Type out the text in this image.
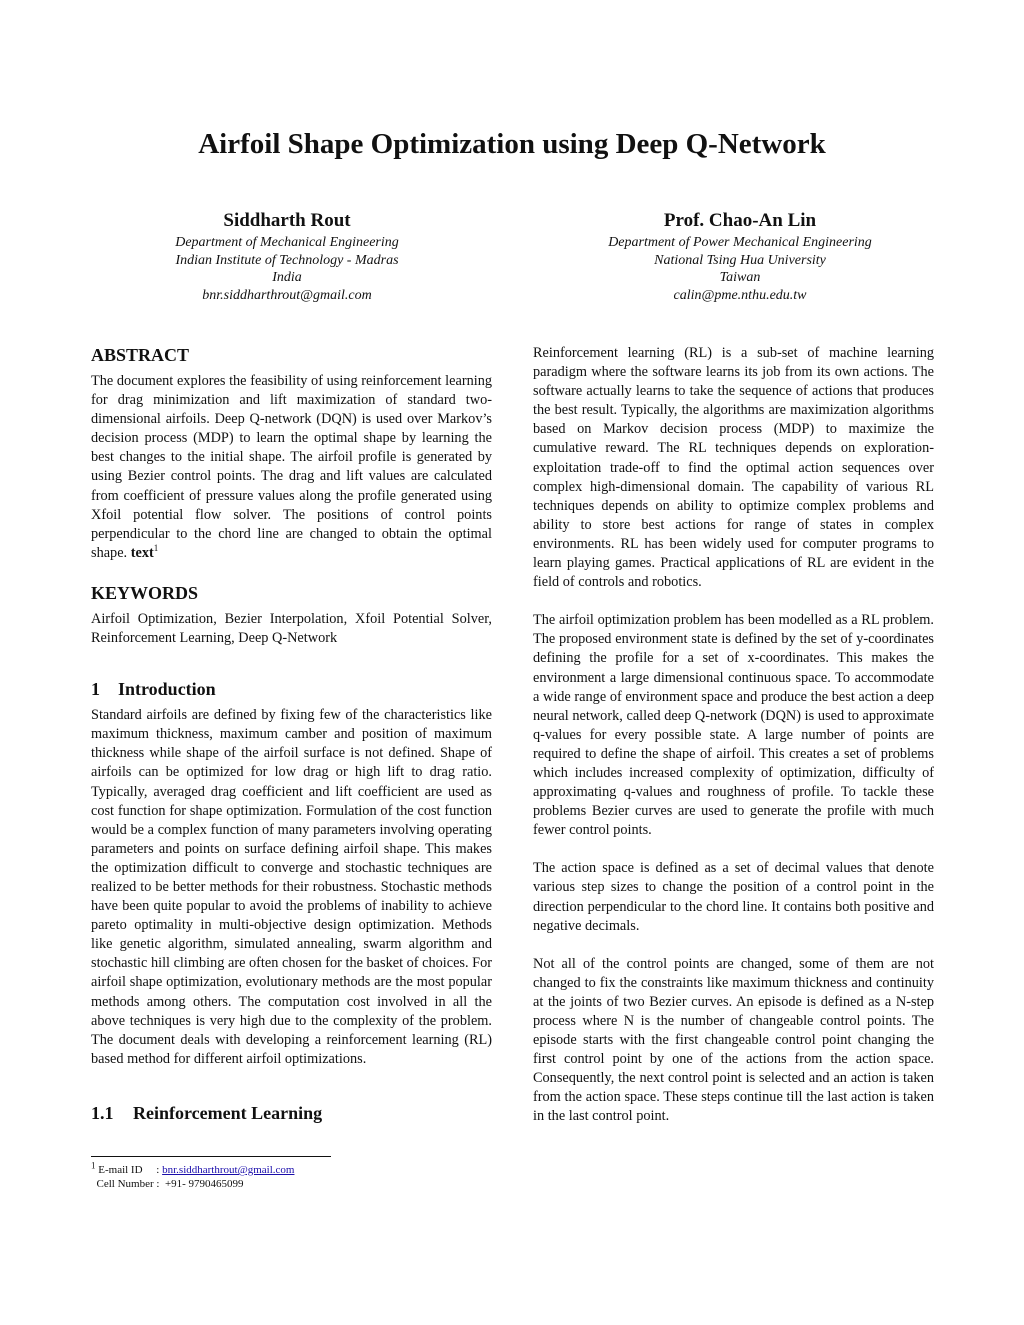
Airfoil Shape Optimization using Deep Q-Network
Siddharth Rout
Department of Mechanical Engineering
Indian Institute of Technology - Madras
India
bnr.siddharthrout@gmail.com
Prof. Chao-An Lin
Department of Power Mechanical Engineering
National Tsing Hua University
Taiwan
calin@pme.nthu.edu.tw
ABSTRACT

The document explores the feasibility of using reinforcement learning for drag minimization and lift maximization of standard two-dimensional airfoils. Deep Q-network (DQN) is used over Markov’s decision process (MDP) to learn the optimal shape by learning the best changes to the initial shape. The airfoil profile is generated by using Bezier control points. The drag and lift values are calculated from coefficient of pressure values along the profile generated using Xfoil potential flow solver. The positions of control points perpendicular to the chord line are changed to obtain the optimal shape. text$^1$

KEYWORDS

Airfoil Optimization, Bezier Interpolation, Xfoil Potential Solver, Reinforcement Learning, Deep Q-Network

1 Introduction

Standard airfoils are defined by fixing few of the characteristics like maximum thickness, maximum camber and position of maximum thickness while shape of the airfoil surface is not defined. Shape of airfoils can be optimized for low drag or high lift to drag ratio. Typically, averaged drag coefficient and lift coefficient are used as cost function for shape optimization. Formulation of the cost function would be a complex function of many parameters involving operating parameters and points on surface defining airfoil shape. This makes the optimization difficult to converge and stochastic techniques are realized to be better methods for their robustness. Stochastic methods have been quite popular to avoid the problems of inability to achieve pareto optimality in multi-objective design optimization. Methods like genetic algorithm, simulated annealing, swarm algorithm and stochastic hill climbing are often chosen for the basket of choices. For airfoil shape optimization, evolutionary methods are the most popular methods among others. The computation cost involved in all the above techniques is very high due to the complexity of the problem. The document deals with developing a reinforcement learning (RL) based method for different airfoil optimizations.

1.1 Reinforcement Learning

Reinforcement learning (RL) is a sub-set of machine learning paradigm where the software learns its job from its own actions. The software actually learns to take the sequence of actions that produces the best result. Typically, the algorithms are maximization algorithms based on Markov decision process (MDP) to maximize the cumulative reward. The RL techniques depends on exploration-exploitation trade-off to find the optimal action sequences over complex high-dimensional domain. The capability of various RL techniques depends on ability to optimize complex problems and ability to store best actions for range of states in complex environments. RL has been widely used for computer programs to learn playing games. Practical applications of RL are evident in the field of controls and robotics.

The airfoil optimization problem has been modelled as a RL problem. The proposed environment state is defined by the set of y-coordinates defining the profile for a set of x-coordinates. This makes the environment a large dimensional continuous space. To accommodate a wide range of environment space and produce the best action a deep neural network, called deep Q-network (DQN) is used to approximate q-values for every possible state. A large number of points are required to define the shape of airfoil. This creates a set of problems which includes increased complexity of optimization, difficulty of approximating q-values and roughness of profile. To tackle these problems Bezier curves are used to generate the profile with much fewer control points.

The action space is defined as a set of decimal values that denote various step sizes to change the position of a control point in the direction perpendicular to the chord line. It contains both positive and negative decimals.

Not all of the control points are changed, some of them are not changed to fix the constraints like maximum thickness and continuity at the joints of two Bezier curves. An episode is defined as a N-step process where N is the number of changeable control points. The episode starts with the first changeable control point changing the first control point by one of the actions from the action space. Consequently, the next control point is selected and an action is taken from the action space. These steps continue till the last action is taken in the last control point.

$^1$ E-mail ID     : bnr.siddharthrout@gmail.com
Cell Number : +91- 9790465099
